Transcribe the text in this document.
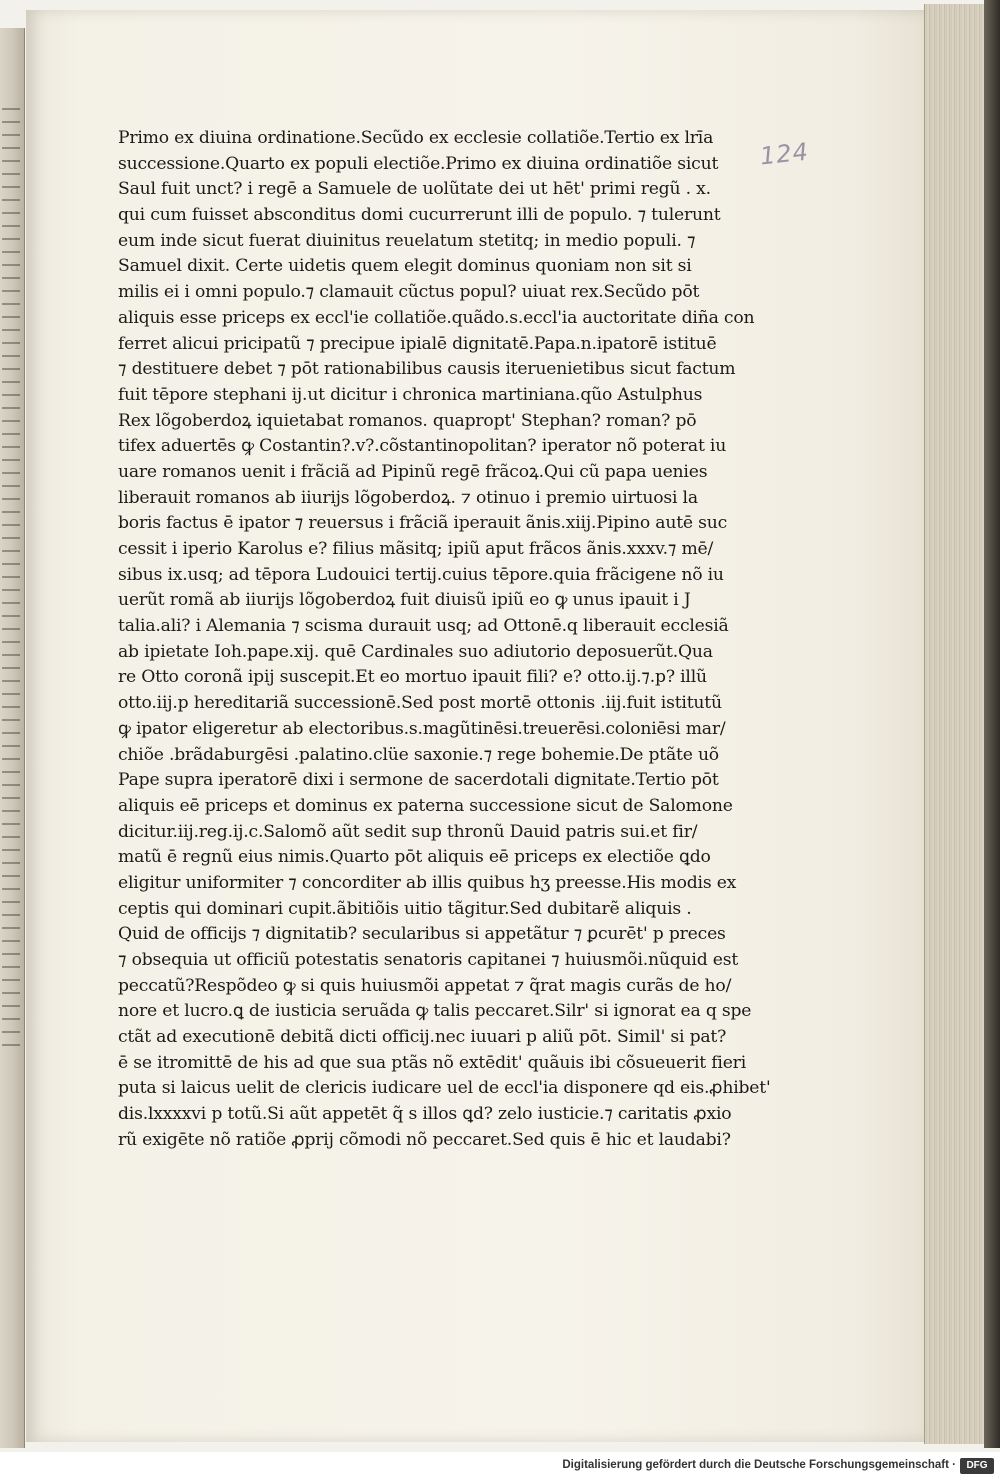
124
Primo ex diuina ordinatione.Secũdo ex ecclesie collatiõe.Tertio ex lrīa
successione.Quarto ex populi electiõe.Primo ex diuina ordinatiõe sicut
Saul fuit unct? i regē a Samuele de uolũtate dei ut hēt' primi regũ . x.
qui cum fuisset absconditus domi cucurrerunt illi de populo. ⁊ tulerunt
eum inde sicut fuerat diuinitus reuelatum stetitq; in medio populi. ⁊
Samuel dixit. Certe uidetis quem elegit dominus quoniam non sit si
milis ei i omni populo.⁊ clamauit cũctus popul? uiuat rex.Secũdo pōt
aliquis esse priceps ex eccl'ie collatiõe.quãdo.s.eccl'ia auctoritate diña con
ferret alicui pricipatũ ⁊ precipue ipialē dignitatē.Papa.n.ipatorē istituē
⁊ destituere debet ⁊ pōt rationabilibus causis iteruenietibus sicut factum
fuit tēpore stephani ij.ut dicitur i chronica martiniana.qũo Astulphus
Rex lõgoberdoꝝ iquietabat romanos. quapropt' Stephan? roman? pō
tifex aduertēs ꝙ Costantin?.v?.cõstantinopolitan? iperator nõ poterat iu
uare romanos uenit i frãciã ad Pipinũ regē frãcoꝝ.Qui cũ papa uenies
liberauit romanos ab iiurijs lõgoberdoꝝ. ⁊ otinuo i premio uirtuosi la
boris factus ē ipator ⁊ reuersus i frãciã iperauit ãnis.xiij.Pipino autē suc
cessit i iperio Karolus e? filius mãsitq; ipiũ aput frãcos ãnis.xxxv.⁊ mē/
sibus ix.usq; ad tēpora Ludouici tertij.cuius tēpore.quia frãcigene nõ iu
uerũt romã ab iiurijs lõgoberdoꝝ fuit diuisũ ipiũ eo ꝙ unus ipauit i J
talia.ali? i Alemania ⁊ scisma durauit usq; ad Ottonē.q liberauit ecclesiã
ab ipietate Ioh.pape.xij. quē Cardinales suo adiutorio deposuerũt.Qua
re Otto coronã ipij suscepit.Et eo mortuo ipauit fili? e? otto.ij.⁊.p? illũ
otto.iij.p hereditariã successionē.Sed post mortē ottonis .iij.fuit istitutũ
ꝙ ipator eligeretur ab electoribus.s.magũtinēsi.treuerēsi.coloniēsi mar/
chiõe .brãdaburgēsi .palatino.clüe saxonie.⁊ rege bohemie.De ptãte uõ
Pape supra iperatorē dixi i sermone de sacerdotali dignitate.Tertio pōt
aliquis eē priceps et dominus ex paterna successione sicut de Salomone
dicitur.iij.reg.ij.c.Salomõ aũt sedit sup thronũ Dauid patris sui.et fir/
matũ ē regnũ eius nimis.Quarto pōt aliquis eē priceps ex electiõe ꝗdo
eligitur uniformiter ⁊ concorditer ab illis quibus hʒ preesse.His modis ex
ceptis qui dominari cupit.ãbitiõis uitio tãgitur.Sed dubitarẽ aliquis .
Quid de officijs ⁊ dignitatib? secularibus si appetãtur ⁊ ꝑcurēt' p preces
⁊ obsequia ut officiũ potestatis senatoris capitanei ⁊ huiusmõi.nũquid est
peccatũ?Respõdeo ꝙ si quis huiusmõi appetat ⁊ q̃rat magis curãs de ho/
nore et lucro.ꝗ de iusticia seruãda ꝙ talis peccaret.Silr' si ignorat ea q spe
ctãt ad executionē debitã dicti officij.nec iuuari p aliũ pōt. Simil' si pat?
ē se itromittē de his ad que sua ptãs nõ extēdit' quãuis ibi cõsueuerit fieri
puta si laicus uelit de clericis iudicare uel de eccl'ia disponere qd eis.ꝓhibet'
dis.lxxxxvi p totũ.Si aũt appetēt q̃ s illos ꝗd? zelo iusticie.⁊ caritatis ꝓxio
rũ exigēte nõ ratiõe ꝓprij cõmodi nõ peccaret.Sed quis ē hic et laudabi?
Digitalisierung gefördert durch die Deutsche Forschungsgemeinschaft ·	DFG
